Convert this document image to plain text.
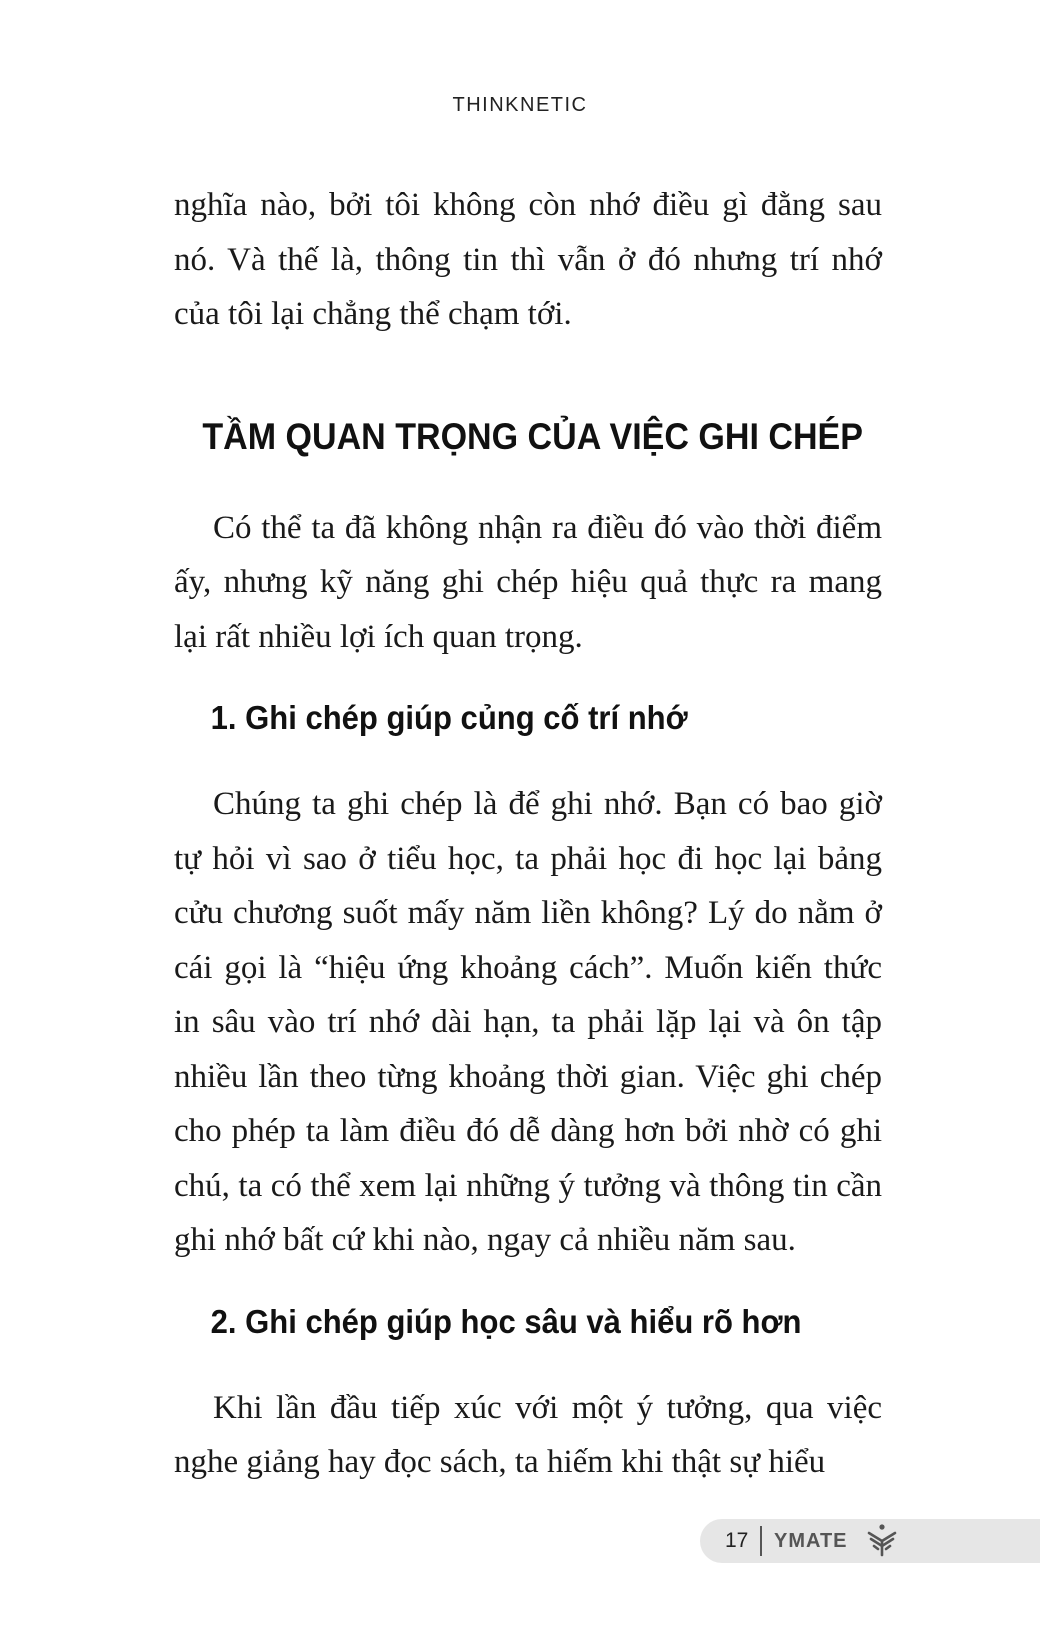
THINKNETIC

nghĩa nào, bởi tôi không còn nhớ điều gì đằng sau nó. Và thế là, thông tin thì vẫn ở đó nhưng trí nhớ của tôi lại chẳng thể chạm tới.

TẦM QUAN TRỌNG CỦA VIỆC GHI CHÉP

Có thể ta đã không nhận ra điều đó vào thời điểm ấy, nhưng kỹ năng ghi chép hiệu quả thực ra mang lại rất nhiều lợi ích quan trọng.

1. Ghi chép giúp củng cố trí nhớ

Chúng ta ghi chép là để ghi nhớ. Bạn có bao giờ tự hỏi vì sao ở tiểu học, ta phải học đi học lại bảng cửu chương suốt mấy năm liền không? Lý do nằm ở cái gọi là “hiệu ứng khoảng cách”. Muốn kiến thức in sâu vào trí nhớ dài hạn, ta phải lặp lại và ôn tập nhiều lần theo từng khoảng thời gian. Việc ghi chép cho phép ta làm điều đó dễ dàng hơn bởi nhờ có ghi chú, ta có thể xem lại những ý tưởng và thông tin cần ghi nhớ bất cứ khi nào, ngay cả nhiều năm sau.

2. Ghi chép giúp học sâu và hiểu rõ hơn

Khi lần đầu tiếp xúc với một ý tưởng, qua việc nghe giảng hay đọc sách, ta hiếm khi thật sự hiểu

17 YMATE
